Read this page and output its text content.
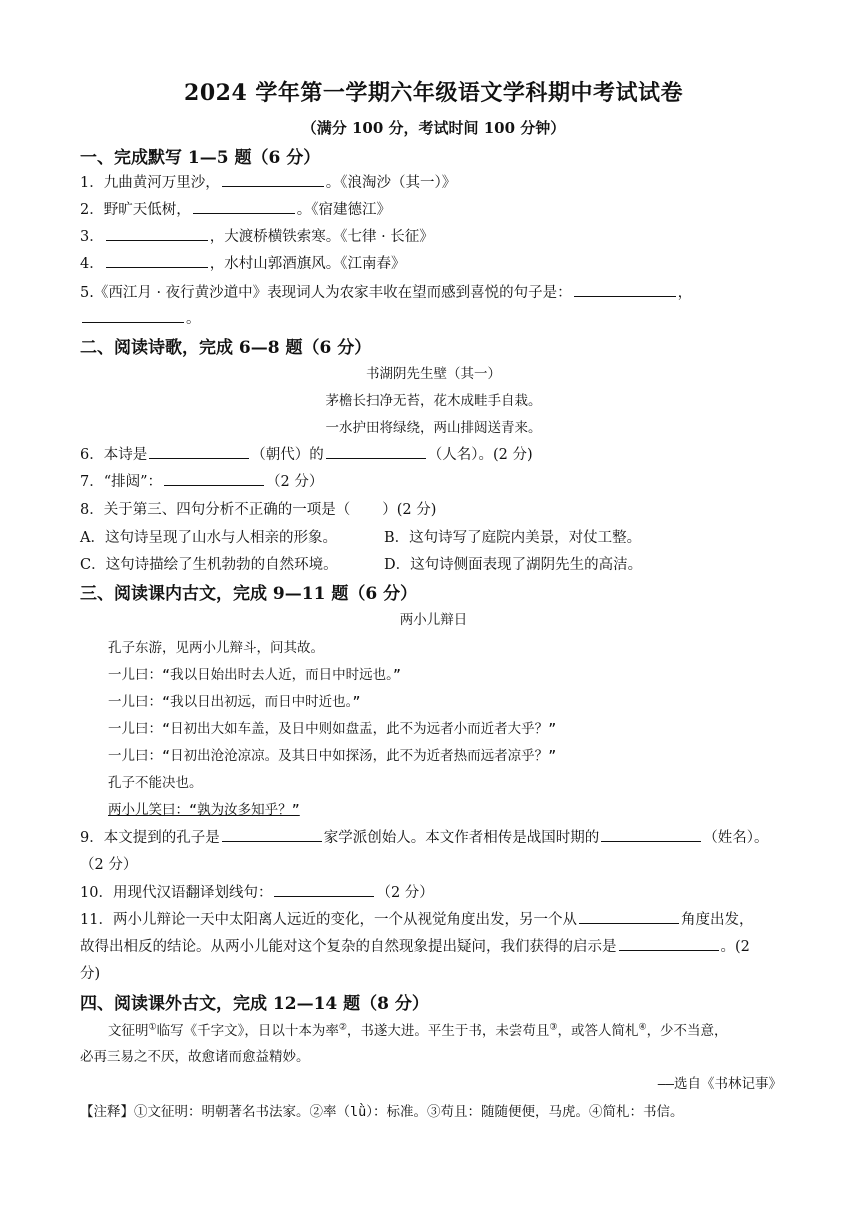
2024 学年第一学期六年级语文学科期中考试试卷
（满分 100 分，考试时间 100 分钟）
一、完成默写 1—5 题（6 分）
1．九曲黄河万里沙，	。《浪淘沙（其一）》
2．野旷天低树，	。《宿建德江》
3．	，大渡桥横铁索寒。《七律 · 长征》
4．	，水村山郭酒旗风。《江南春》
5.《西江月 · 夜行黄沙道中》表现词人为农家丰收在望而感到喜悦的句子是：	，
。
二、阅读诗歌，完成 6—8 题（6 分）
书湖阴先生壁（其一）
茅檐长扫净无苔，花木成畦手自栽。
一水护田将绿绕，两山排闼送青来。
6．本诗是	（朝代）的	（人名）。(2 分)
7．“排闼”：	（2 分）
8．关于第三、四句分析不正确的一项是（ ）(2 分)
A．这句诗呈现了山水与人相亲的形象。	B．这句诗写了庭院内美景，对仗工整。
C．这句诗描绘了生机勃勃的自然环境。	D．这句诗侧面表现了湖阴先生的高洁。
三、阅读课内古文，完成 9—11 题（6 分）
两小儿辩日
孔子东游，见两小儿辩斗，问其故。
一儿曰：“我以日始出时去人近，而日中时远也。”
一儿曰：“我以日出初远，而日中时近也。”
一儿曰：“日初出大如车盖，及日中则如盘盂，此不为远者小而近者大乎？”
一儿曰：“日初出沧沧凉凉。及其日中如探汤，此不为近者热而远者凉乎？”
孔子不能决也。
两小儿笑曰：“孰为汝多知乎？”
9．本文提到的孔子是	家学派创始人。本文作者相传是战国时期的	（姓名）。
（2 分）
10．用现代汉语翻译划线句：	（2 分）
11．两小儿辩论一天中太阳离人远近的变化，一个从视觉角度出发，另一个从	角度出发，
故得出相反的结论。从两小儿能对这个复杂的自然现象提出疑问，我们获得的启示是	。(2
分)
四、阅读课外古文，完成 12—14 题（8 分）
文征明①临写《千字文》，日以十本为率②，书遂大进。平生于书，未尝苟且③，或答人简札④，少不当意，
必再三易之不厌，故愈诸而愈益精妙。
——选自《书林记事》
【注释】①文征明：明朝著名书法家。②率（lǜ）：标准。③苟且：随随便便，马虎。④简札：书信。
